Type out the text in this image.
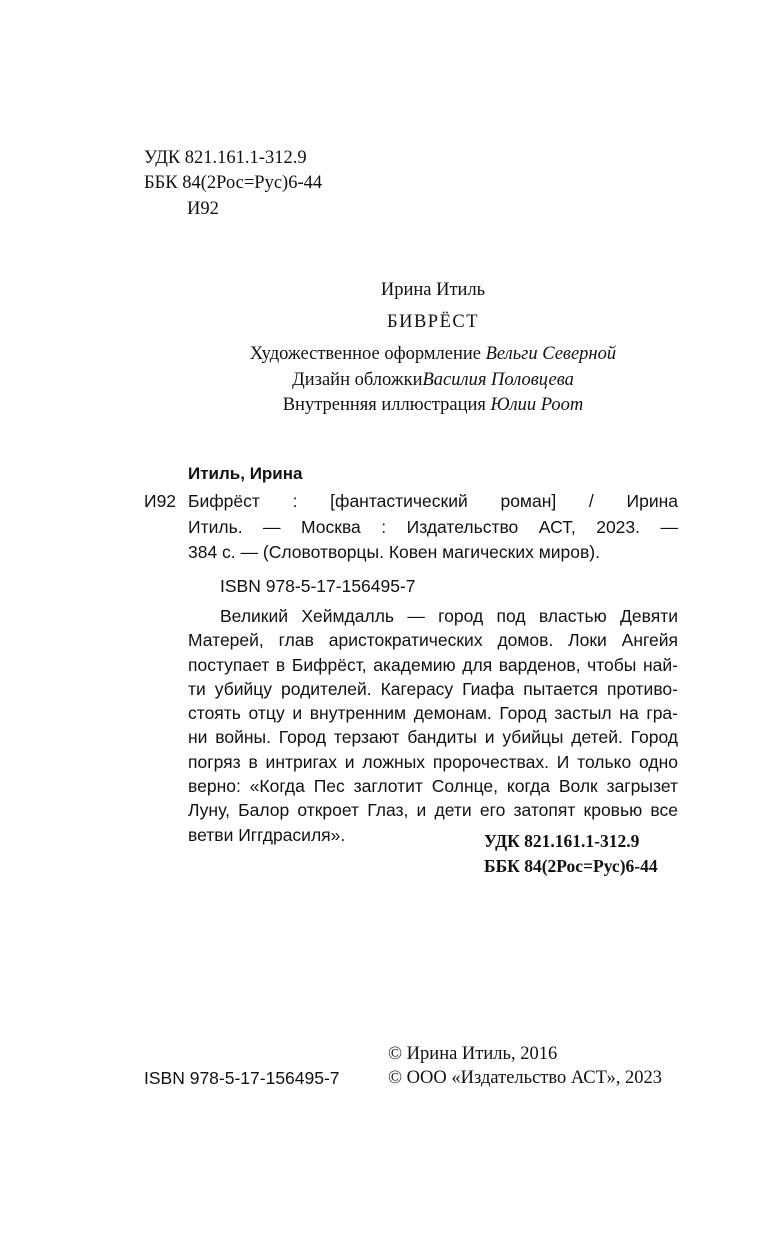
УДК 821.161.1-312.9
ББК 84(2Рос=Рус)6-44
И92
Ирина Итиль
БИВРЁСТ
Художественное оформление Вельги Северной
Дизайн обложкиВасилия Половцева
Внутренняя иллюстрация Юлии Роот
Итиль, Ирина
И92 Бифрёст : [фантастический роман] / Ирина
Итиль. — Москва : Издательство АСТ, 2023. —
384 с. — (Словотворцы. Ковен магических миров).
ISBN 978-5-17-156495-7
Великий Хеймдалль — город под властью Девяти
Матерей, глав аристократических домов. Локи Ангейя
поступает в Бифрёст, академию для варденов, чтобы най-
ти убийцу родителей. Кагерасу Гиафа пытается противо-
стоять отцу и внутренним демонам. Город застыл на гра-
ни войны. Город терзают бандиты и убийцы детей. Город
погряз в интригах и ложных пророчествах. И только одно
верно: «Когда Пес заглотит Солнце, когда Волк загрызет
Луну, Балор откроет Глаз, и дети его затопят кровью все
ветви Иггдрасиля».	УДК 821.161.1-312.9
ББК 84(2Рос=Рус)6-44
© Ирина Итиль, 2016
ISBN 978-5-17-156495-7	© ООО «Издательство АСТ», 2023
